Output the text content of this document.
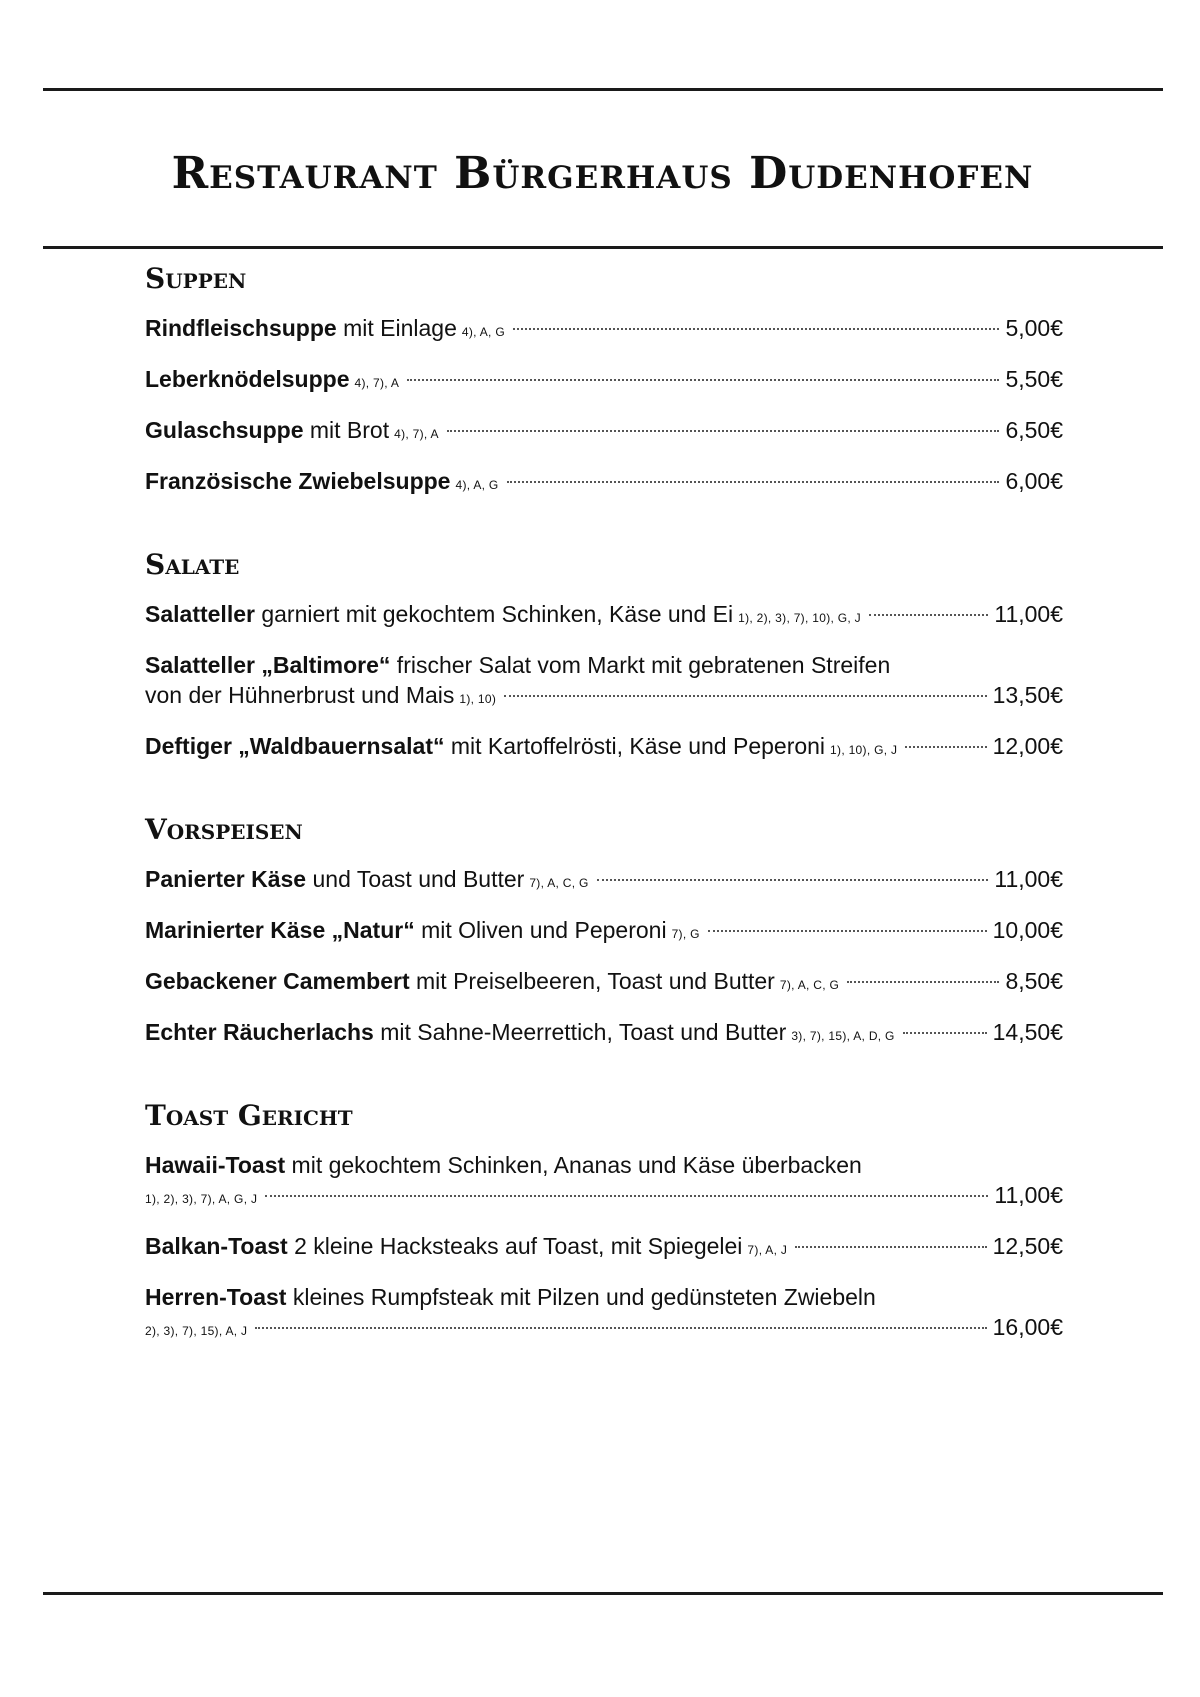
Restaurant Bürgerhaus Dudenhofen
Suppen
Rindfleischsuppe mit Einlage 4), A, G	5,00€
Leberknödelsuppe 4), 7), A	5,50€
Gulaschsuppe mit Brot 4), 7), A	6,50€
Französische Zwiebelsuppe 4), A, G	6,00€
Salate
Salatteller garniert mit gekochtem Schinken, Käse und Ei 1), 2), 3), 7), 10), G, J	11,00€
Salatteller „Baltimore“ frischer Salat vom Markt mit gebratenen Streifen
von der Hühnerbrust und Mais 1), 10)	13,50€
Deftiger „Waldbauernsalat“ mit Kartoffelrösti, Käse und Peperoni 1), 10), G, J	12,00€
Vorspeisen
Panierter Käse und Toast und Butter 7), A, C, G	11,00€
Marinierter Käse „Natur“ mit Oliven und Peperoni 7), G	10,00€
Gebackener Camembert mit Preiselbeeren, Toast und Butter 7), A, C, G	8,50€
Echter Räucherlachs mit Sahne-Meerrettich, Toast und Butter 3), 7), 15), A, D, G	14,50€
Toast Gericht
Hawaii-Toast mit gekochtem Schinken, Ananas und Käse überbacken
1), 2), 3), 7), A, G, J	11,00€
Balkan-Toast 2 kleine Hacksteaks auf Toast, mit Spiegelei 7), A, J	12,50€
Herren-Toast kleines Rumpfsteak mit Pilzen und gedünsteten Zwiebeln
2), 3), 7), 15), A, J	16,00€
